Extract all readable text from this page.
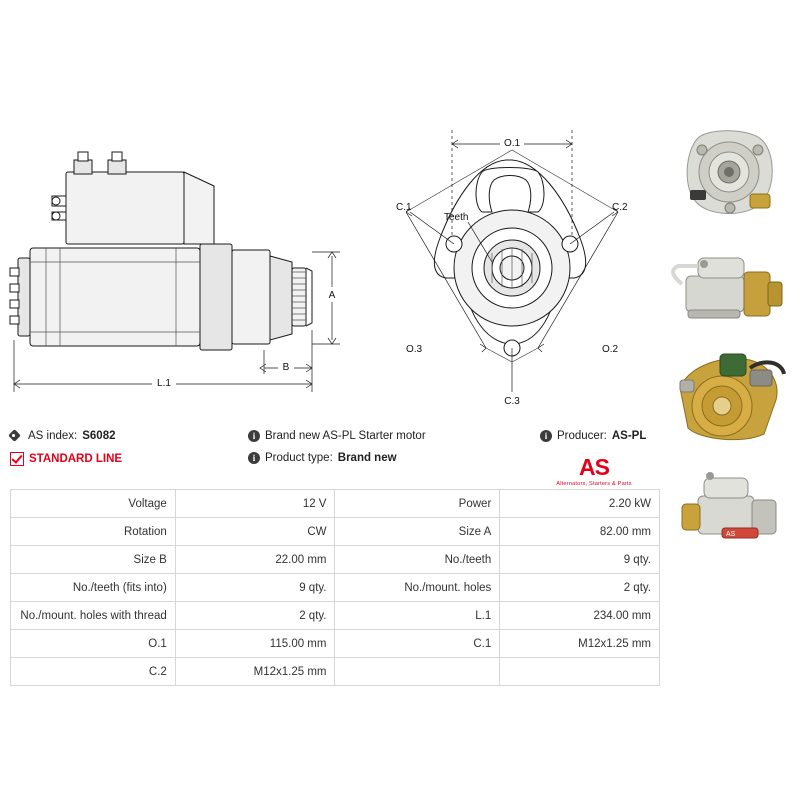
A
B
L.1
O.1
C.1	C.2
C.3
Teeth
O.3	O.2
AS
AS index: S6082
STANDARD LINE
i Brand new AS-PL Starter motor
i Product type: Brand new
i Producer: AS-PL
AS
Alternators, Starters & Parts
Voltage	12 V	Power	2.20 kW
Rotation	CW	Size A	82.00 mm
Size B	22.00 mm	No./teeth	9 qty.
No./teeth (fits into)	9 qty.	No./mount. holes	2 qty.
No./mount. holes with thread	2 qty.	L.1	234.00 mm
O.1	115.00 mm	C.1	M12x1.25 mm
C.2	M12x1.25 mm		
